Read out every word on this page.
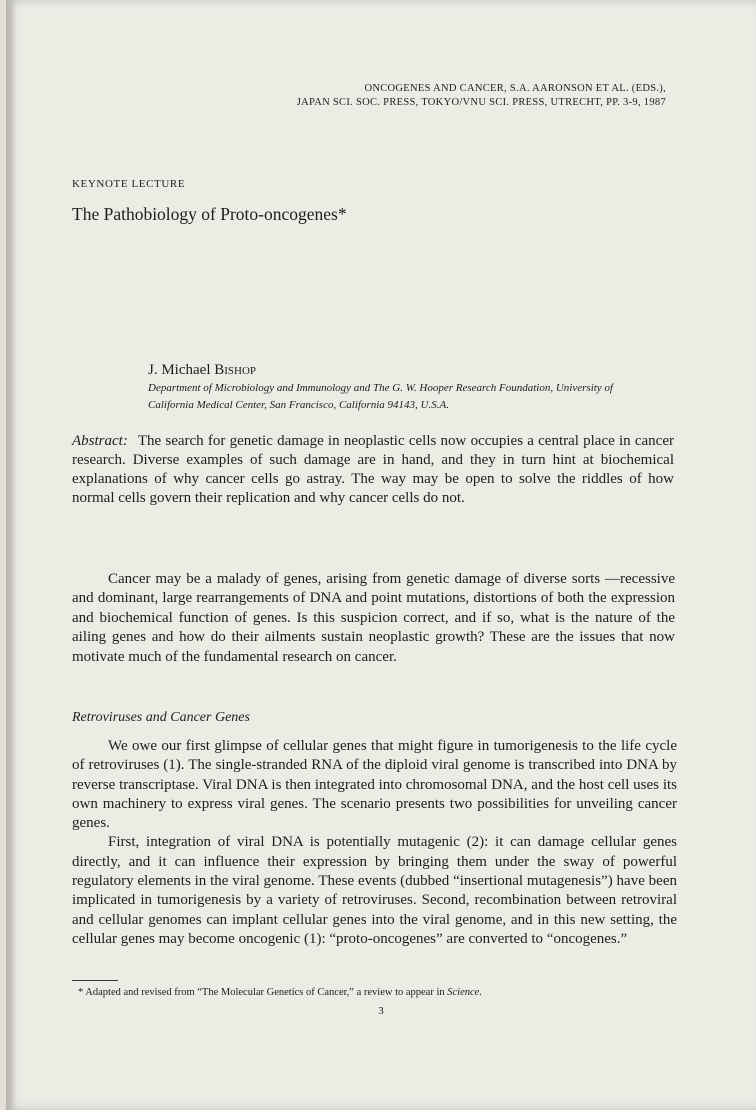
ONCOGENES AND CANCER, S.A. AARONSON ET AL. (EDS.),
JAPAN SCI. SOC. PRESS, TOKYO/VNU SCI. PRESS, UTRECHT, PP. 3-9, 1987
KEYNOTE LECTURE
The Pathobiology of Proto-oncogenes*
J. Michael Bishop
Department of Microbiology and Immunology and The G. W. Hooper Research Foundation, University of
California Medical Center, San Francisco, California 94143, U.S.A.
Abstract: The search for genetic damage in neoplastic cells now occupies a central place in cancer research. Diverse examples of such damage are in hand, and they in turn hint at biochemical explanations of why cancer cells go astray. The way may be open to solve the riddles of how normal cells govern their replication and why cancer cells do not.
Cancer may be a malady of genes, arising from genetic damage of diverse sorts —recessive and dominant, large rearrangements of DNA and point mutations, distortions of both the expression and biochemical function of genes. Is this suspicion correct, and if so, what is the nature of the ailing genes and how do their ailments sustain neoplastic growth? These are the issues that now motivate much of the fundamental research on cancer.
Retroviruses and Cancer Genes

We owe our first glimpse of cellular genes that might figure in tumorigenesis to the life cycle of retroviruses (1). The single-stranded RNA of the diploid viral genome is transcribed into DNA by reverse transcriptase. Viral DNA is then integrated into chromosomal DNA, and the host cell uses its own machinery to express viral genes. The scenario presents two possibilities for unveiling cancer genes.

First, integration of viral DNA is potentially mutagenic (2): it can damage cellular genes directly, and it can influence their expression by bringing them under the sway of powerful regulatory elements in the viral genome. These events (dubbed “insertional mutagenesis”) have been implicated in tumorigenesis by a variety of retroviruses. Second, recombination between retroviral and cellular genomes can implant cellular genes into the viral genome, and in this new setting, the cellular genes may become oncogenic (1): “proto-oncogenes” are converted to “oncogenes.”

* Adapted and revised from “The Molecular Genetics of Cancer,” a review to appear in Science.
3
